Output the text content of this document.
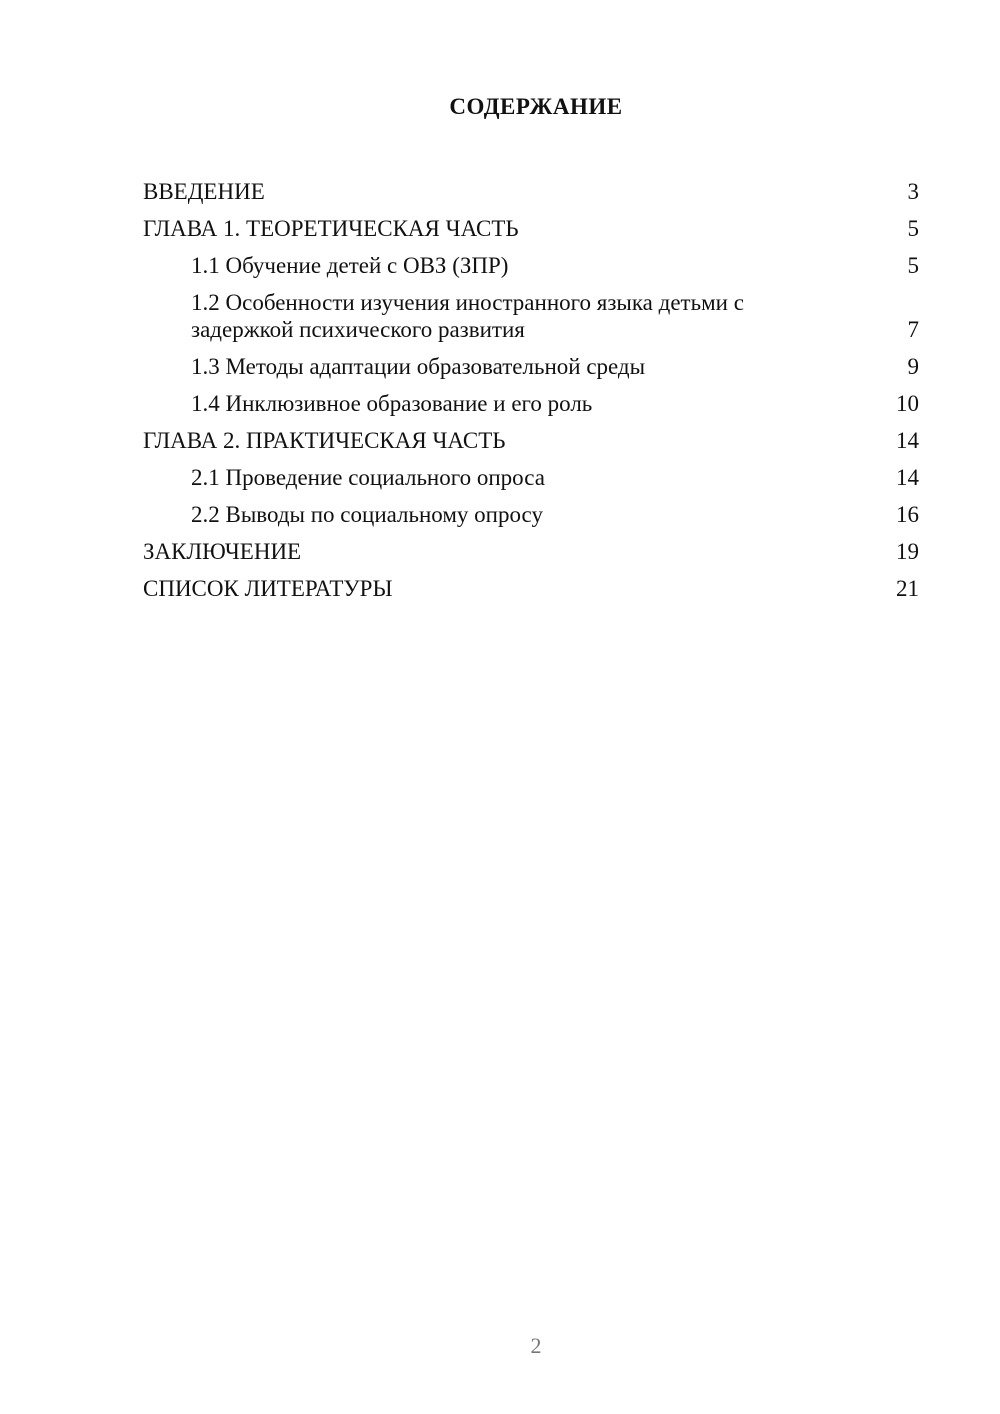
СОДЕРЖАНИЕ
ВВЕДЕНИЕ	3
ГЛАВА 1. ТЕОРЕТИЧЕСКАЯ ЧАСТЬ	5
1.1 Обучение детей с ОВЗ (ЗПР)	5
1.2 Особенности изучения иностранного языка детьми с задержкой психического развития	7
1.3 Методы адаптации образовательной среды	9
1.4 Инклюзивное образование и его роль	10
ГЛАВА 2. ПРАКТИЧЕСКАЯ ЧАСТЬ	14
2.1 Проведение социального опроса	14
2.2 Выводы по социальному опросу	16
ЗАКЛЮЧЕНИЕ	19
СПИСОК ЛИТЕРАТУРЫ	21
2
